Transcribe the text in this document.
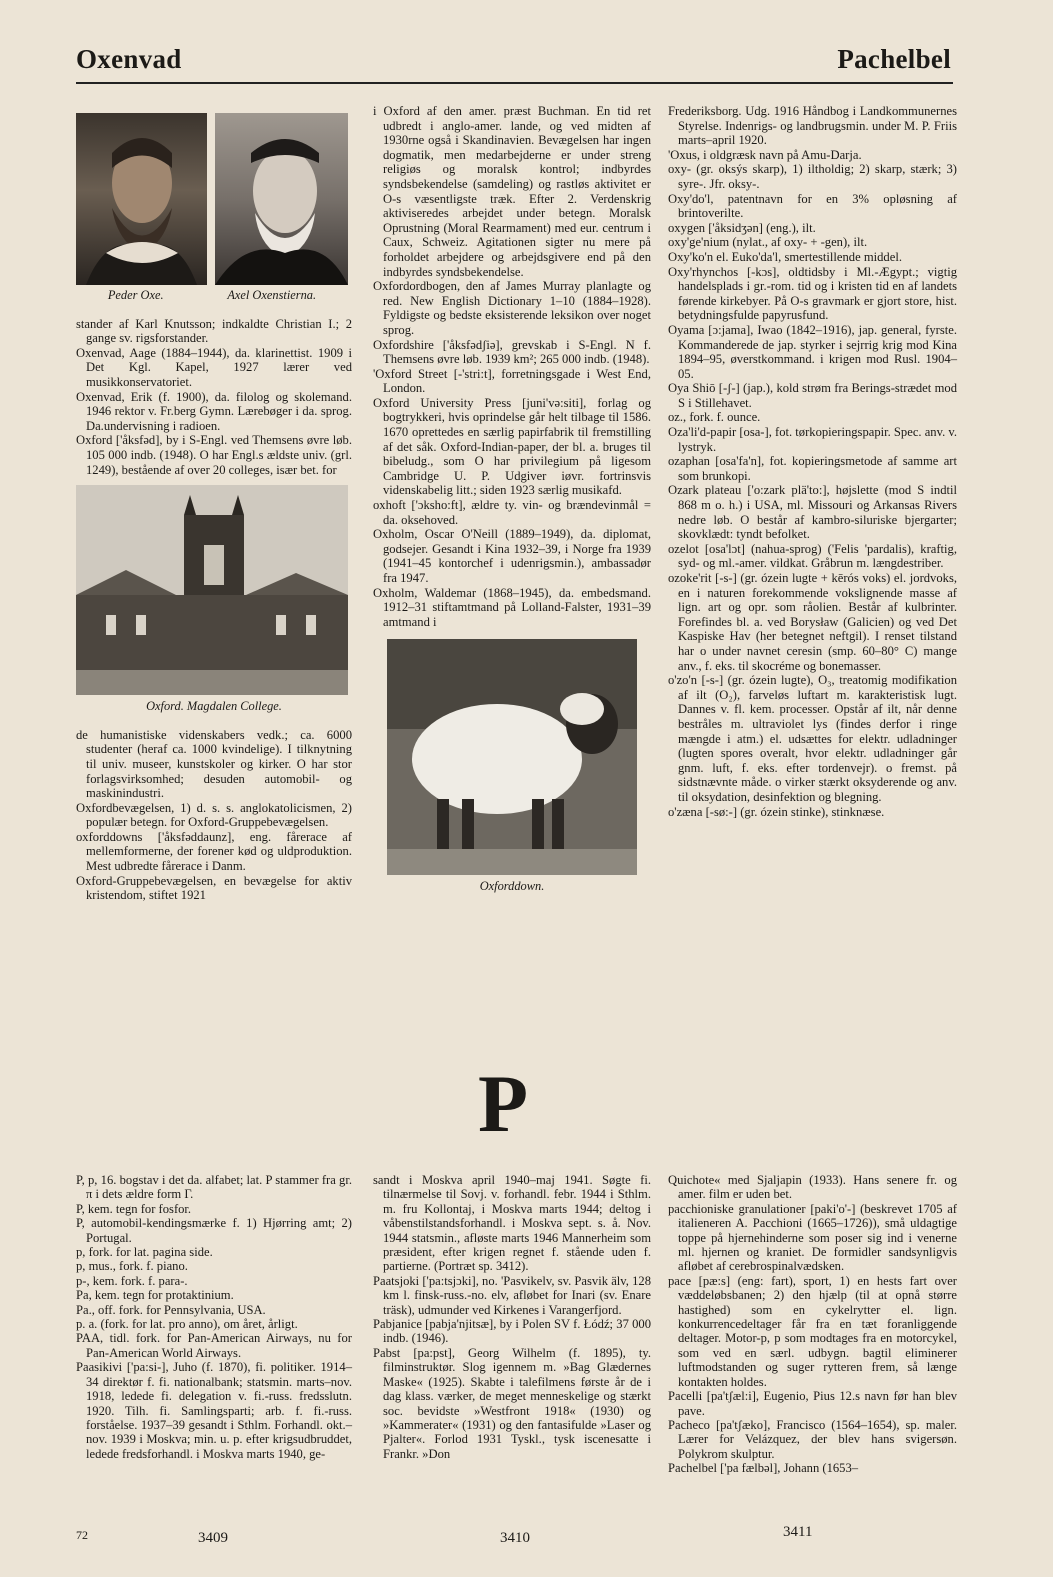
Oxenvad	Pachelbel
Peder Oxe.	Axel Oxenstierna.

stander af Karl Knutsson; indkaldte Christian I.; 2 gange sv. rigsforstander.

Oxenvad, Aage (1884–1944), da. klarinettist. 1909 i Det Kgl. Kapel, 1927 lærer ved musikkonservatoriet.

Oxenvad, Erik (f. 1900), da. filolog og skolemand. 1946 rektor v. Fr.berg Gymn. Lærebøger i da. sprog. Da.undervisning i radioen.

Oxford ['åksfəd], by i S-Engl. ved Themsens øvre løb. 105 000 indb. (1948). O har Engl.s ældste univ. (grl. 1249), bestående af over 20 colleges, især bet. for

Oxford. Magdalen College.

de humanistiske videnskabers vedk.; ca. 6000 studenter (heraf ca. 1000 kvindelige). I tilknytning til univ. museer, kunstskoler og kirker. O har stor forlagsvirksomhed; desuden automobil- og maskinindustri.

Oxfordbevægelsen, 1) d. s. s. anglokatolicismen, 2) populær betegn. for Oxford-Gruppebevægelsen.

oxforddowns ['åksfəddaunz], eng. fårerace af mellemformerne, der forener kød og uldproduktion. Mest udbredte fårerace i Danm.

Oxford-Gruppebevægelsen, en bevægelse for aktiv kristendom, stiftet 1921

i Oxford af den amer. præst Buchman. En tid ret udbredt i anglo-amer. lande, og ved midten af 1930rne også i Skandinavien. Bevægelsen har ingen dogmatik, men medarbejderne er under streng religiøs og moralsk kontrol; indbyrdes syndsbekendelse (samdeling) og rastløs aktivitet er O-s væsentligste træk. Efter 2. Verdenskrig aktiviseredes arbejdet under betegn. Moralsk Oprustning (Moral Rearmament) med eur. centrum i Caux, Schweiz. Agitationen sigter nu mere på forholdet arbejdere og arbejdsgivere end på den indbyrdes syndsbekendelse.

Oxfordordbogen, den af James Murray planlagte og red. New English Dictionary 1–10 (1884–1928). Fyldigste og bedste eksisterende leksikon over noget sprog.

Oxfordshire ['åksfədʃiə], grevskab i S-Engl. N f. Themsens øvre løb. 1939 km²; 265 000 indb. (1948).

'Oxford Street [-'stri:t], forretningsgade i West End, London.

Oxford University Press [juni'və:siti], forlag og bogtrykkeri, hvis oprindelse går helt tilbage til 1586. 1670 oprettedes en særlig papirfabrik til fremstilling af det såk. Oxford-Indian-paper, der bl. a. bruges til bibeludg., som O har privilegium på ligesom Cambridge U. P. Udgiver iøvr. fortrinsvis videnskabelig litt.; siden 1923 særlig musikafd.

oxhoft ['ɔksho:ft], ældre ty. vin- og brændevinmål = da. oksehoved.

Oxholm, Oscar O'Neill (1889–1949), da. diplomat, godsejer. Gesandt i Kina 1932–39, i Norge fra 1939 (1941–45 kontorchef i udenrigsmin.), ambassadør fra 1947.

Oxholm, Waldemar (1868–1945), da. embedsmand. 1912–31 stiftamtmand på Lolland-Falster, 1931–39 amtmand i

Oxforddown.

Frederiksborg. Udg. 1916 Håndbog i Landkommunernes Styrelse. Indenrigs- og landbrugsmin. under M. P. Friis marts–april 1920.

'Oxus, i oldgræsk navn på Amu-Darja.

oxy- (gr. oksýs skarp), 1) iltholdig; 2) skarp, stærk; 3) syre-. Jfr. oksy-.

Oxy'do'l, patentnavn for en 3% opløsning af brintoverilte.

oxygen ['åksidʒən] (eng.), ilt.

oxy'ge'nium (nylat., af oxy- + -gen), ilt.

Oxy'ko'n el. Euko'da'l, smertestillende middel.

Oxy'rhynchos [-kɔs], oldtidsby i Ml.-Ægypt.; vigtig handelsplads i gr.-rom. tid og i kristen tid en af landets førende kirkebyer. På O-s gravmark er gjort store, hist. betydningsfulde papyrusfund.

Oyama [ɔ:jama], Iwao (1842–1916), jap. general, fyrste. Kommanderede de jap. styrker i sejrrig krig mod Kina 1894–95, øverstkommand. i krigen mod Rusl. 1904–05.

Oya Shiō [-ʃ-] (jap.), kold strøm fra Berings-strædet mod S i Stillehavet.

oz., fork. f. ounce.

Oza'li'd-papir [osa-], fot. tørkopieringspapir. Spec. anv. v. lystryk.

ozaphan [osa'fa'n], fot. kopieringsmetode af samme art som brunkopi.

Ozark plateau ['o:zark plä'to:], højslette (mod S indtil 868 m o. h.) i USA, ml. Missouri og Arkansas Rivers nedre løb. O består af kambro-siluriske bjergarter; skovklædt: tyndt befolket.

ozelot [osa'lɔt] (nahua-sprog) ('Felis 'pardalis), kraftig, syd- og ml.-amer. vildkat. Gråbrun m. længdestriber.

ozoke'rit [-s-] (gr. ózein lugte + kērós voks) el. jordvoks, en i naturen forekommende vokslignende masse af lign. art og opr. som råolien. Består af kulbrinter. Forefindes bl. a. ved Borysław (Galicien) og ved Det Kaspiske Hav (her betegnet neftgil). I renset tilstand har o under navnet ceresin (smp. 60–80° C) mange anv., f. eks. til skocréme og bonemasser.

o'zo'n [-s-] (gr. ózein lugte), O₃, treatomig modifikation af ilt (O₂), farveløs luftart m. karakteristisk lugt. Dannes v. fl. kem. processer. Opstår af ilt, når denne bestråles m. ultraviolet lys (findes derfor i ringe mængde i atm.) el. udsættes for elektr. udladninger (lugten spores overalt, hvor elektr. udladninger går gnm. luft, f. eks. efter tordenvejr). o fremst. på sidstnævnte måde. o virker stærkt oksyderende og anv. til oksydation, desinfektion og blegning.

o'zæna [-sø:-] (gr. ózein stinke), stinknæse.

P

P, p, 16. bogstav i det da. alfabet; lat. P stammer fra gr. π i dets ældre form Γ.

P, kem. tegn for fosfor.

P, automobil-kendingsmærke f. 1) Hjørring amt; 2) Portugal.

p, fork. for lat. pagina side.

p, mus., fork. f. piano.

p-, kem. fork. f. para-.

Pa, kem. tegn for protaktinium.

Pa., off. fork. for Pennsylvania, USA.

p. a. (fork. for lat. pro anno), om året, årligt.

PAA, tidl. fork. for Pan-American Airways, nu for Pan-American World Airways.

Paasikivi ['pa:si-], Juho (f. 1870), fi. politiker. 1914–34 direktør f. fi. nationalbank; statsmin. marts–nov. 1918, ledede fi. delegation v. fi.-russ. fredsslutn. 1920. Tilh. fi. Samlingsparti; arb. f. fi.-russ. forståelse. 1937–39 gesandt i Sthlm. Forhandl. okt.–nov. 1939 i Moskva; min. u. p. efter krigsudbruddet, ledede fredsforhandl. i Moskva marts 1940, ge-

sandt i Moskva april 1940–maj 1941. Søgte fi. tilnærmelse til Sovj. v. forhandl. febr. 1944 i Sthlm. m. fru Kollontaj, i Moskva marts 1944; deltog i våbenstilstandsforhandl. i Moskva sept. s. å. Nov. 1944 statsmin., afløste marts 1946 Mannerheim som præsident, efter krigen regnet f. stående uden f. partierne. (Portræt sp. 3412).

Paatsjoki ['pa:tsjɔki], no. 'Pasvikelv, sv. Pasvik älv, 128 km l. finsk-russ.-no. elv, afløbet for Inari (sv. Enare träsk), udmunder ved Kirkenes i Varangerfjord.

Pabjanice [pabja'njitsæ], by i Polen SV f. Łódź; 37 000 indb. (1946).

Pabst [pa:pst], Georg Wilhelm (f. 1895), ty. filminstruktør. Slog igennem m. »Bag Glædernes Maske« (1925). Skabte i talefilmens første år de i dag klass. værker, de meget menneskelige og stærkt soc. bevidste »Westfront 1918« (1930) og »Kammerater« (1931) og den fantasifulde »Laser og Pjalter«. Forlod 1931 Tyskl., tysk iscenesatte i Frankr. »Don

Quichote« med Sjaljapin (1933). Hans senere fr. og amer. film er uden bet.

pacchioniske granulationer [paki'o'-] (beskrevet 1705 af italieneren A. Pacchioni (1665–1726)), små uldagtige toppe på hjernehinderne som poser sig ind i venerne ml. hjernen og kraniet. De formidler sandsynligvis afløbet af cerebrospinalvædsken.

pace [pæ:s] (eng: fart), sport, 1) en hests fart over væddeløbsbanen; 2) den hjælp (til at opnå større hastighed) som en cykelrytter el. lign. konkurrencedeltager får fra en tæt foranliggende deltager. Motor-p, p som modtages fra en motorcykel, som ved en særl. udbygn. bagtil eliminerer luftmodstanden og suger rytteren frem, så længe kontakten holdes.

Pacelli [pa'tʃæl:i], Eugenio, Pius 12.s navn før han blev pave.

Pacheco [pa'tʃæko], Francisco (1564–1654), sp. maler. Lærer for Velázquez, der blev hans svigersøn. Polykrom skulptur.

Pachelbel ['pa fælbəl], Johann (1653–

72	3409	3410	3411
